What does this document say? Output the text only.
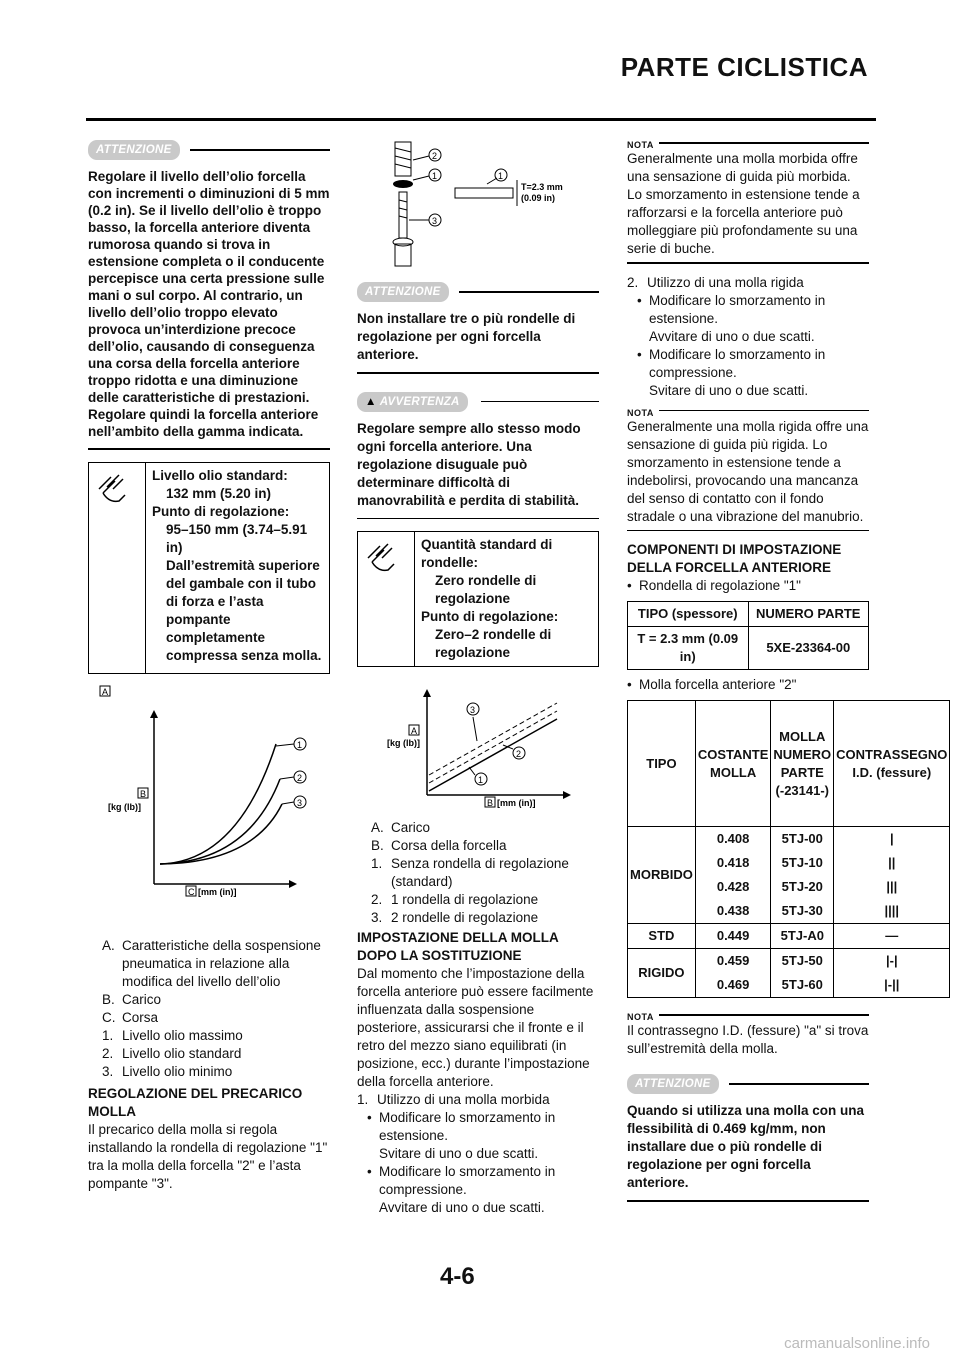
PARTE CICLISTICA
ATTENZIONE
Regolare il livello dell’olio forcella con incrementi o diminuzioni di 5 mm (0.2 in). Se il livello dell’olio è troppo basso, la forcella anteriore diventa rumorosa quando si trova in estensione completa o il conducente percepisce una certa pressione sulle mani o sul corpo. Al contrario, un livello dell’olio troppo elevato provoca un’interdizione precoce dell’olio, causando di conseguenza una corsa della forcella anteriore troppo ridotta e una diminuzione delle caratteristiche di prestazioni. Regolare quindi la forcella anteriore nell’ambito della gamma indicata.
Livello olio standard:
132 mm (5.20 in)
Punto di regolazione:
95–150 mm (3.74–5.91 in)
Dall’estremità superiore del gambale con il tubo di forza e l’asta pompante completamente compressa senza molla.
A
B
[kg (lb)]
C [mm (in)]
1
2
3
A. Caratteristiche della sospensione pneumatica in relazione alla modifica del livello dell’olio
B. Carico
C. Corsa
1. Livello olio massimo
2. Livello olio standard
3. Livello olio minimo
REGOLAZIONE DEL PRECARICO MOLLA
Il precarico della molla si regola installando la rondella di regolazione "1" tra la molla della forcella "2" e l’asta pompante "3".
2
1
3
1
T=2.3 mm
(0.09 in)
ATTENZIONE
Non installare tre o più rondelle di regolazione per ogni forcella anteriore.
▲ AVVERTENZA
Regolare sempre allo stesso modo ogni forcella anteriore. Una regolazione disuguale può determinare difficoltà di manovrabilità e perdita di stabilità.
Quantità standard di rondelle:
Zero rondelle di regolazione
Punto di regolazione:
Zero–2 rondelle di regolazione
A
[kg (lb)]
B [mm (in)]
1
2
3
A. Carico
B. Corsa della forcella
1. Senza rondella di regolazione (standard)
2. 1 rondella di regolazione
3. 2 rondelle di regolazione
IMPOSTAZIONE DELLA MOLLA DOPO LA SOSTITUZIONE
Dal momento che l’impostazione della forcella anteriore può essere facilmente influenzata dalla sospensione posteriore, assicurarsi che il fronte e il retro del mezzo siano equilibrati (in posizione, ecc.) durante l’impostazione della forcella anteriore.
1. Utilizzo di una molla morbida
• Modificare lo smorzamento in estensione.
Svitare di uno o due scatti.
• Modificare lo smorzamento in compressione.
Avvitare di uno o due scatti.
NOTA
Generalmente una molla morbida offre una sensazione di guida più morbida. Lo smorzamento in estensione tende a rafforzarsi e la forcella anteriore può molleggiare più profondamente su una serie di buche.
2. Utilizzo di una molla rigida
• Modificare lo smorzamento in estensione.
Avvitare di uno o due scatti.
• Modificare lo smorzamento in compressione.
Svitare di uno o due scatti.
NOTA
Generalmente una molla rigida offre una sensazione di guida più rigida. Lo smorzamento in estensione tende a indebolirsi, provocando una mancanza del senso di contatto con il fondo stradale o una vibrazione del manubrio.
COMPONENTI DI IMPOSTAZIONE DELLA FORCELLA ANTERIORE
• Rondella di regolazione "1"
TIPO (spessore)	NUMERO PARTE
T = 2.3 mm (0.09 in)	5XE-23364-00
• Molla forcella anteriore "2"
TIPO	COSTANTE MOLLA	MOLLA NUMERO PARTE (-23141-)	CONTRASSEGNO I.D. (fessure)
MORBIDO	0.408	5TJ-00	|
	0.418	5TJ-10	||
	0.428	5TJ-20	|||
	0.438	5TJ-30	||||
STD	0.449	5TJ-A0	—
RIGIDO	0.459	5TJ-50	|-|
	0.469	5TJ-60	|-||
NOTA
Il contrassegno I.D. (fessure) "a" si trova sull’estremità della molla.
ATTENZIONE
Quando si utilizza una molla con una flessibilità di 0.469 kg/mm, non installare due o più rondelle di regolazione per ogni forcella anteriore.
4-6
carmanualsonline.info
